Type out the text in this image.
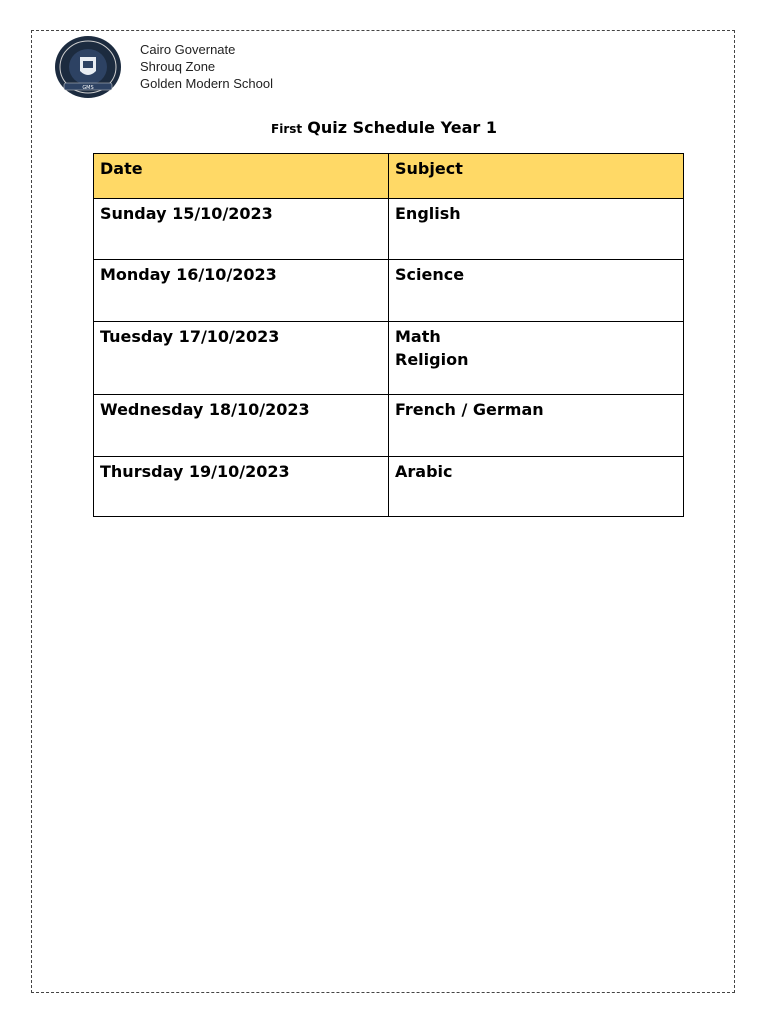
GMS
Cairo Governate
Shrouq Zone
Golden Modern School
First Quiz Schedule Year 1
Date	Subject
Sunday 15/10/2023	English

Monday 16/10/2023	Science

Tuesday 17/10/2023	Math
Religion

Wednesday 18/10/2023	French / German

Thursday 19/10/2023	Arabic
